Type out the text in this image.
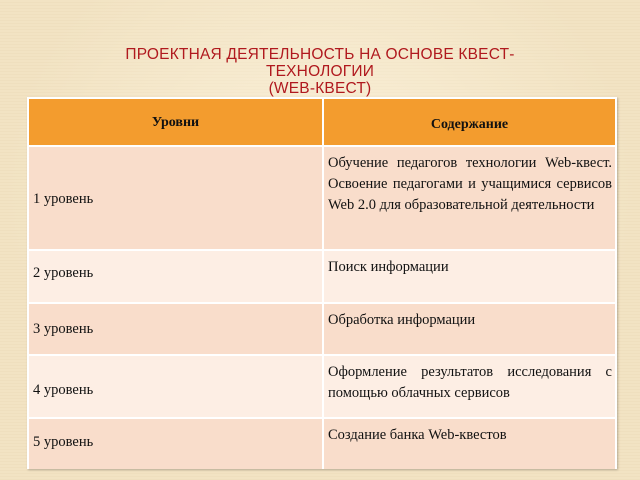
ПРОЕКТНАЯ ДЕЯТЕЛЬНОСТЬ НА ОСНОВЕ КВЕСТ-
ТЕХНОЛОГИИ
(WEB-КВЕСТ)
Уровни	Содержание
1 уровень	Обучение педагогов технологии Web-квест. Освоение педагогами и учащимися сервисов Web 2.0 для образовательной деятельности
2 уровень	Поиск информации
3 уровень	Обработка информации
4 уровень	Оформление результатов исследования с помощью облачных сервисов
5 уровень	Создание банка Web-квестов
